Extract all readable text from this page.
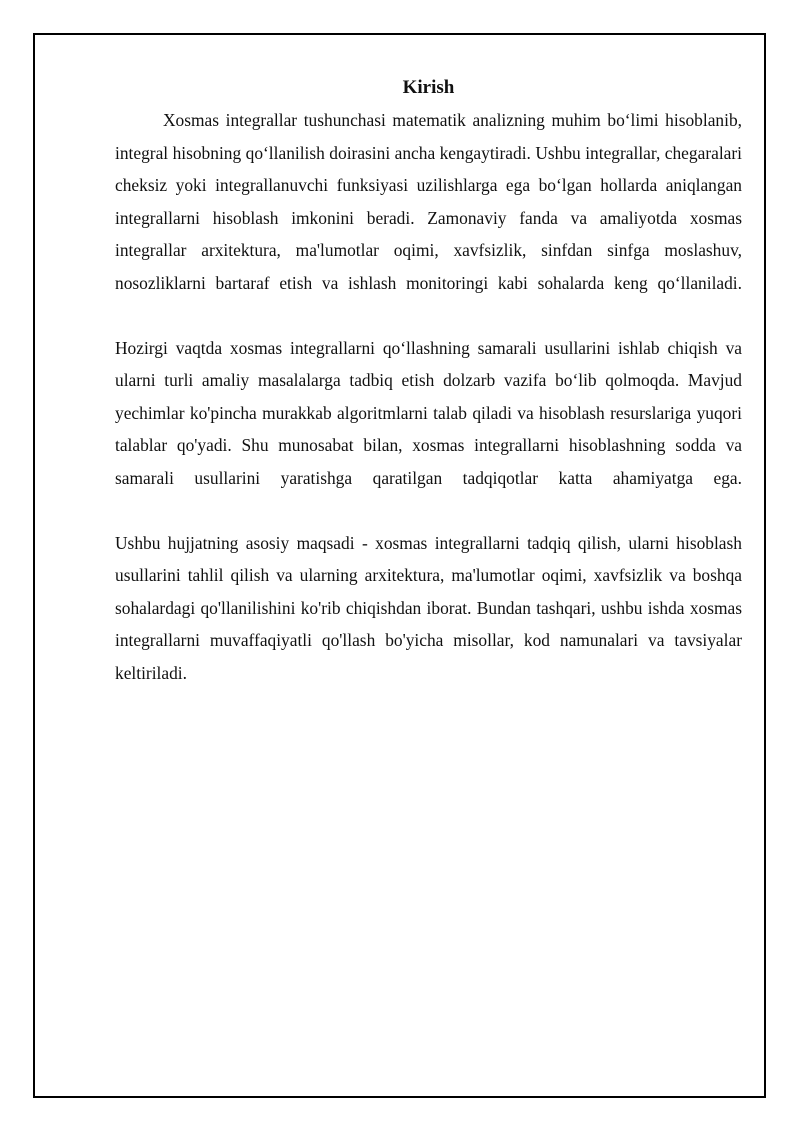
Kirish

Xosmas integrallar tushunchasi matematik analizning muhim bo‘limi hisoblanib, integral hisobning qo‘llanilish doirasini ancha kengaytiradi. Ushbu integrallar, chegaralari cheksiz yoki integrallanuvchi funksiyasi uzilishlarga ega bo‘lgan hollarda aniqlangan integrallarni hisoblash imkonini beradi. Zamonaviy fanda va amaliyotda xosmas integrallar arxitektura, ma'lumotlar oqimi, xavfsizlik, sinfdan sinfga moslashuv, nosozliklarni bartaraf etish va ishlash monitoringi kabi sohalarda keng qo‘llaniladi.

Hozirgi vaqtda xosmas integrallarni qo‘llashning samarali usullarini ishlab chiqish va ularni turli amaliy masalalarga tadbiq etish dolzarb vazifa bo‘lib qolmoqda. Mavjud yechimlar ko'pincha murakkab algoritmlarni talab qiladi va hisoblash resurslariga yuqori talablar qo'yadi. Shu munosabat bilan, xosmas integrallarni hisoblashning sodda va samarali usullarini yaratishga qaratilgan tadqiqotlar katta ahamiyatga ega.

Ushbu hujjatning asosiy maqsadi - xosmas integrallarni tadqiq qilish, ularni hisoblash usullarini tahlil qilish va ularning arxitektura, ma'lumotlar oqimi, xavfsizlik va boshqa sohalardagi qo'llanilishini ko'rib chiqishdan iborat. Bundan tashqari, ushbu ishda xosmas integrallarni muvaffaqiyatli qo'llash bo'yicha misollar, kod namunalari va tavsiyalar keltiriladi.
